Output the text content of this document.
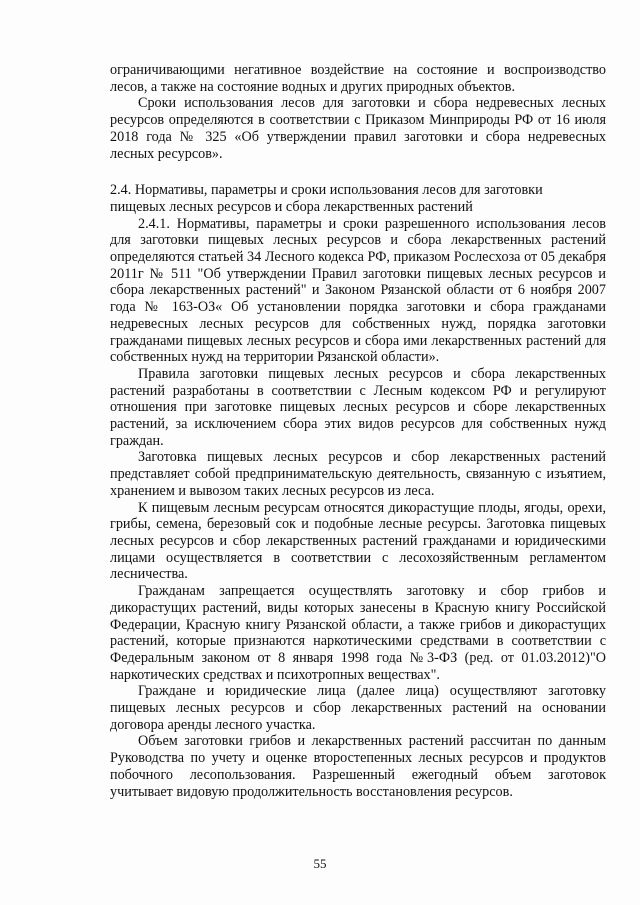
ограничивающими негативное воздействие на состояние и воспроизводство лесов, а также на состояние водных и других природных объектов.

Сроки использования лесов для заготовки и сбора недревесных лесных ресурсов определяются в соответствии с Приказом Минприроды РФ от 16 июля 2018 года № 325 «Об утверждении правил заготовки и сбора недревесных лесных ресурсов».

2.4. Нормативы, параметры и сроки использования лесов для заготовки

пищевых лесных ресурсов и сбора лекарственных растений

2.4.1. Нормативы, параметры и сроки разрешенного использования лесов для заготовки пищевых лесных ресурсов и сбора лекарственных растений определяются статьей 34 Лесного кодекса РФ, приказом Рослесхоза от 05 декабря 2011г № 511 "Об утверждении Правил заготовки пищевых лесных ресурсов и сбора лекарственных растений" и Законом Рязанской области от 6 ноября 2007 года № 163-ОЗ« Об установлении порядка заготовки и сбора гражданами недревесных лесных ресурсов для собственных нужд, порядка заготовки гражданами пищевых лесных ресурсов и сбора ими лекарственных растений для собственных нужд на территории Рязанской области».

Правила заготовки пищевых лесных ресурсов и сбора лекарственных растений разработаны в соответствии с Лесным кодексом РФ и регулируют отношения при заготовке пищевых лесных ресурсов и сборе лекарственных растений, за исключением сбора этих видов ресурсов для собственных нужд граждан.

Заготовка пищевых лесных ресурсов и сбор лекарственных растений представляет собой предпринимательскую деятельность, связанную с изъятием, хранением и вывозом таких лесных ресурсов из леса.

К пищевым лесным ресурсам относятся дикорастущие плоды, ягоды, орехи, грибы, семена, березовый сок и подобные лесные ресурсы. Заготовка пищевых лесных ресурсов и сбор лекарственных растений гражданами и юридическими лицами осуществляется в соответствии с лесохозяйственным регламентом лесничества.

Гражданам запрещается осуществлять заготовку и сбор грибов и дикорастущих растений, виды которых занесены в Красную книгу Российской Федерации, Красную книгу Рязанской области, а также грибов и дикорастущих растений, которые признаются наркотическими средствами в соответствии с Федеральным законом от 8 января 1998 года №3-ФЗ (ред. от 01.03.2012)"О наркотических средствах и психотропных веществах".

Граждане и юридические лица (далее лица) осуществляют заготовку пищевых лесных ресурсов и сбор лекарственных растений на основании договора аренды лесного участка.

Объем заготовки грибов и лекарственных растений рассчитан по данным Руководства по учету и оценке второстепенных лесных ресурсов и продуктов побочного лесопользования. Разрешенный ежегодный объем заготовок учитывает видовую продолжительность восстановления ресурсов.

55
